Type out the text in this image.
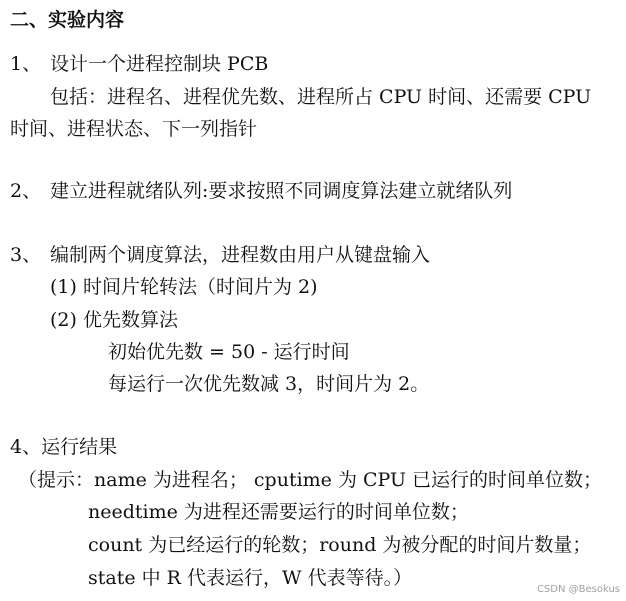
二、实验内容
1、 设计一个进程控制块 PCB
包括：进程名、进程优先数、进程所占 CPU 时间、还需要 CPU
时间、进程状态、下一列指针
2、 建立进程就绪队列:要求按照不同调度算法建立就绪队列
3、 编制两个调度算法，进程数由用户从键盘输入
(1) 时间片轮转法（时间片为 2)
(2) 优先数算法
初始优先数 = 50 - 运行时间
每运行一次优先数减 3，时间片为 2。
4、运行结果
（提示：name 为进程名； cputime 为 CPU 已运行的时间单位数；
needtime 为进程还需要运行的时间单位数；
count 为已经运行的轮数；round 为被分配的时间片数量；
state 中 R 代表运行，W 代表等待。）
CSDN @Besokus
